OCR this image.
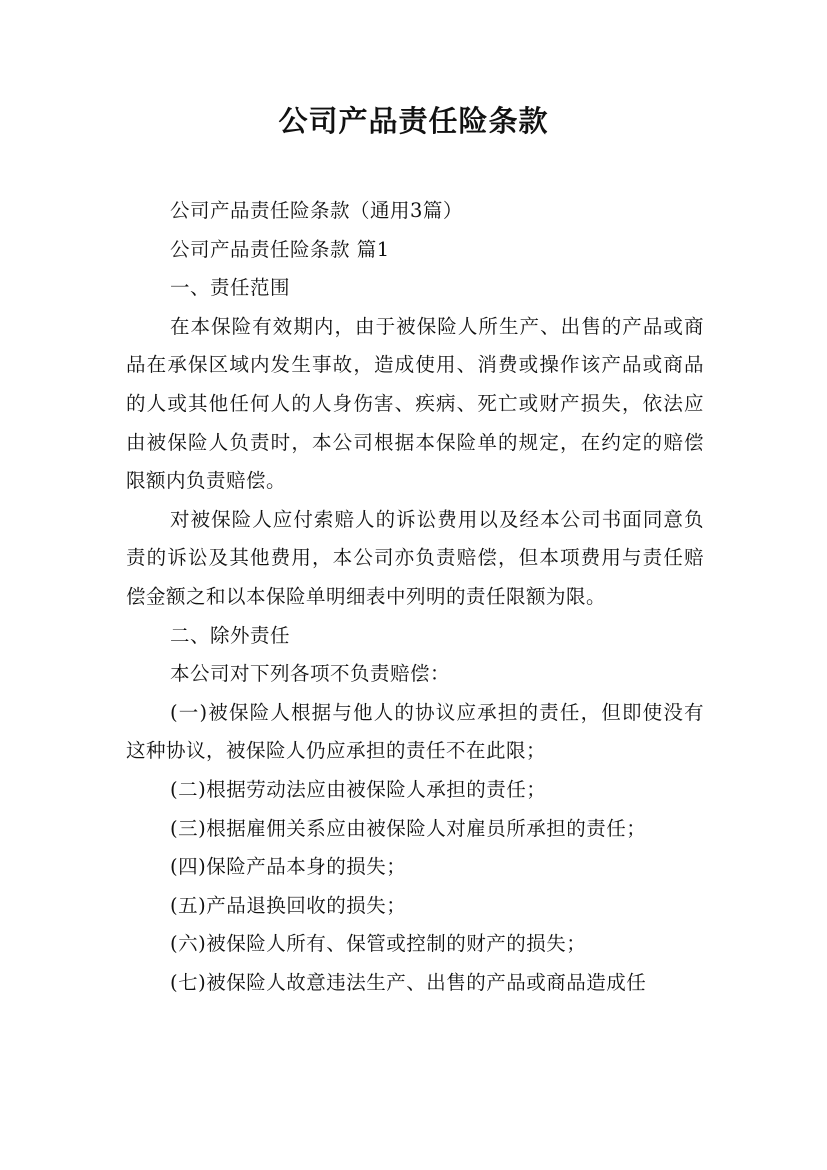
公司产品责任险条款

公司产品责任险条款（通用3篇）

公司产品责任险条款 篇1

一、责任范围

在本保险有效期内，由于被保险人所生产、出售的产品或商品在承保区域内发生事故，造成使用、消费或操作该产品或商品的人或其他任何人的人身伤害、疾病、死亡或财产损失，依法应由被保险人负责时，本公司根据本保险单的规定，在约定的赔偿限额内负责赔偿。

对被保险人应付索赔人的诉讼费用以及经本公司书面同意负责的诉讼及其他费用，本公司亦负责赔偿，但本项费用与责任赔偿金额之和以本保险单明细表中列明的责任限额为限。

二、除外责任

本公司对下列各项不负责赔偿：

(一)被保险人根据与他人的协议应承担的责任，但即使没有这种协议，被保险人仍应承担的责任不在此限；

(二)根据劳动法应由被保险人承担的责任；

(三)根据雇佣关系应由被保险人对雇员所承担的责任；

(四)保险产品本身的损失；

(五)产品退换回收的损失；

(六)被保险人所有、保管或控制的财产的损失；

(七)被保险人故意违法生产、出售的产品或商品造成任
